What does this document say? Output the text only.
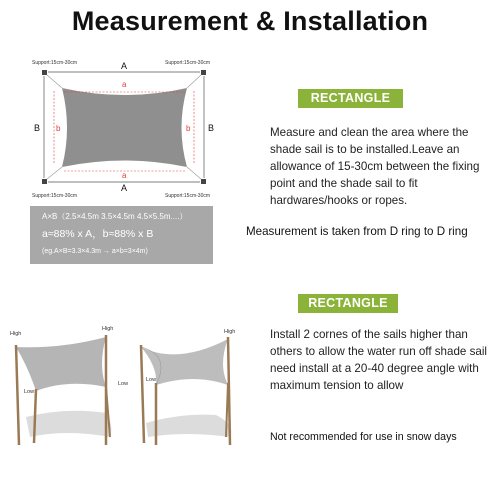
Measurement & Installation
Support:15cm-30cm	Support:15cm-30cm
Support:15cm-30cm	Support:15cm-30cm
A
a
a
A
B b	b B
A×B（2.5×4.5m 3.5×4.5m 4.5×5.5m....）
a≈88% x A，b≈88% x B
(eg.A×B=3.3×4.3m → a×b=3×4m)
RECTANGLE
Measure and clean the area where the shade sail is to be installed.Leave an allowance of 15-30cm between the fixing point and the shade sail to fit hardwares/hooks or ropes.
Measurement is taken from D ring to D ring
High
High	High
Low
Low
Low
RECTANGLE
Install 2 cornes of the sails higher than others to allow the water run off shade sail need install at a 20-40 degree angle with maximum tension to allow
Not recommended for use in snow days
